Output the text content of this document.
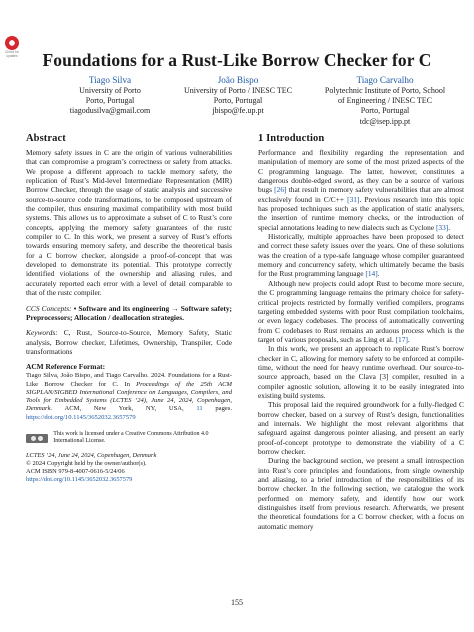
Check for updates	Foundations for a Rust-Like Borrow Checker for C
Tiago Silva
University of Porto
Porto, Portugal
tiagodusilva@gmail.com
João Bispo
University of Porto / INESC TEC
Porto, Portugal
jbispo@fe.up.pt
Tiago Carvalho
Polytechnic Institute of Porto, School
of Engineering / INESC TEC
Porto, Portugal
tdc@isep.ipp.pt
Abstract

Memory safety issues in C are the origin of various vulnerabilities that can compromise a program’s correctness or safety from attacks. We propose a different approach to tackle memory safety, the replication of Rust’s Mid-level Intermediate Representation (MIR) Borrow Checker, through the usage of static analysis and successive source-to-source code transformations, to be composed upstream of the compiler, thus ensuring maximal compatibility with most build systems. This allows us to approximate a subset of C to Rust’s core concepts, applying the memory safety guarantees of the rustc compiler to C. In this work, we present a survey of Rust’s efforts towards ensuring memory safety, and describe the theoretical basis for a C borrow checker, alongside a proof-of-concept that was developed to demonstrate its potential. This prototype correctly identified violations of the ownership and aliasing rules, and accurately reported each error with a level of detail comparable to that of the rustc compiler.

CCS Concepts: • Software and its engineering → Software safety; Preprocessors; Allocation / deallocation strategies.

Keywords: C, Rust, Source-to-Source, Memory Safety, Static analysis, Borrow checker, Lifetimes, Ownership, Transpiler, Code transformations

ACM Reference Format:
Tiago Silva, João Bispo, and Tiago Carvalho. 2024. Foundations for a Rust-Like Borrow Checker for C. In Proceedings of the 25th ACM SIGPLAN/SIGBED International Conference on Languages, Compilers, and Tools for Embedded Systems (LCTES ’24), June 24, 2024, Copenhagen, Denmark. ACM, New York, NY, USA, 11 pages. https://doi.org/10.1145/3652032.3657579
This work is licensed under a Creative Commons Attribution 4.0 International License.
LCTES ’24, June 24, 2024, Copenhagen, Denmark
© 2024 Copyright held by the owner/author(s).
ACM ISBN 979-8-4007-0616-5/24/06
https://doi.org/10.1145/3652032.3657579
1 Introduction

Performance and flexibility regarding the representation and manipulation of memory are some of the most prized aspects of the C programming language. The latter, however, constitutes a dangerous double-edged sword, as they can be a source of various bugs [26] that result in memory safety vulnerabilities that are almost exclusively found in C/C++ [31]. Previous research into this topic has proposed techniques such as the application of static analysers, the insertion of runtime memory checks, or the introduction of special annotations leading to new dialects such as Cyclone [33].

Historically, multiple approaches have been proposed to detect and correct these safety issues over the years. One of these solutions was the creation of a type-safe language whose compiler guaranteed memory and concurrency safety, which ultimately became the basis for the Rust programming language [14].

Although new projects could adopt Rust to become more secure, the C programming language remains the primary choice for safety-critical projects restricted by formally verified compilers, programs targeting embedded systems with poor Rust compilation toolchains, or even legacy codebases. The process of automatically converting from C codebases to Rust remains an arduous process which is the target of various proposals, such as Ling et al. [17].

In this work, we present an approach to replicate Rust’s borrow checker in C, allowing for memory safety to be enforced at compile-time, without the need for heavy runtime overhead. Our source-to-source approach, based on the Clava [3] compiler, resulted in a compiler agnostic solution, allowing it to be easily integrated into existing build systems.

This proposal laid the required groundwork for a fully-fledged C borrow checker, based on a survey of Rust’s design, functionalities and internals. We highlight the most relevant algorithms that safeguard against dangerous pointer aliasing, and present an early proof-of-concept prototype to demonstrate the viability of a C borrow checker.

During the background section, we present a small introspection into Rust’s core principles and foundations, from single ownership and aliasing, to a brief introduction of the responsibilities of its borrow checker. In the following section, we catalogue the work performed on memory safety, and identify how our work distinguishes itself from previous research. Afterwards, we present the theoretical foundations for a C borrow checker, with a focus on automatic memory

155
